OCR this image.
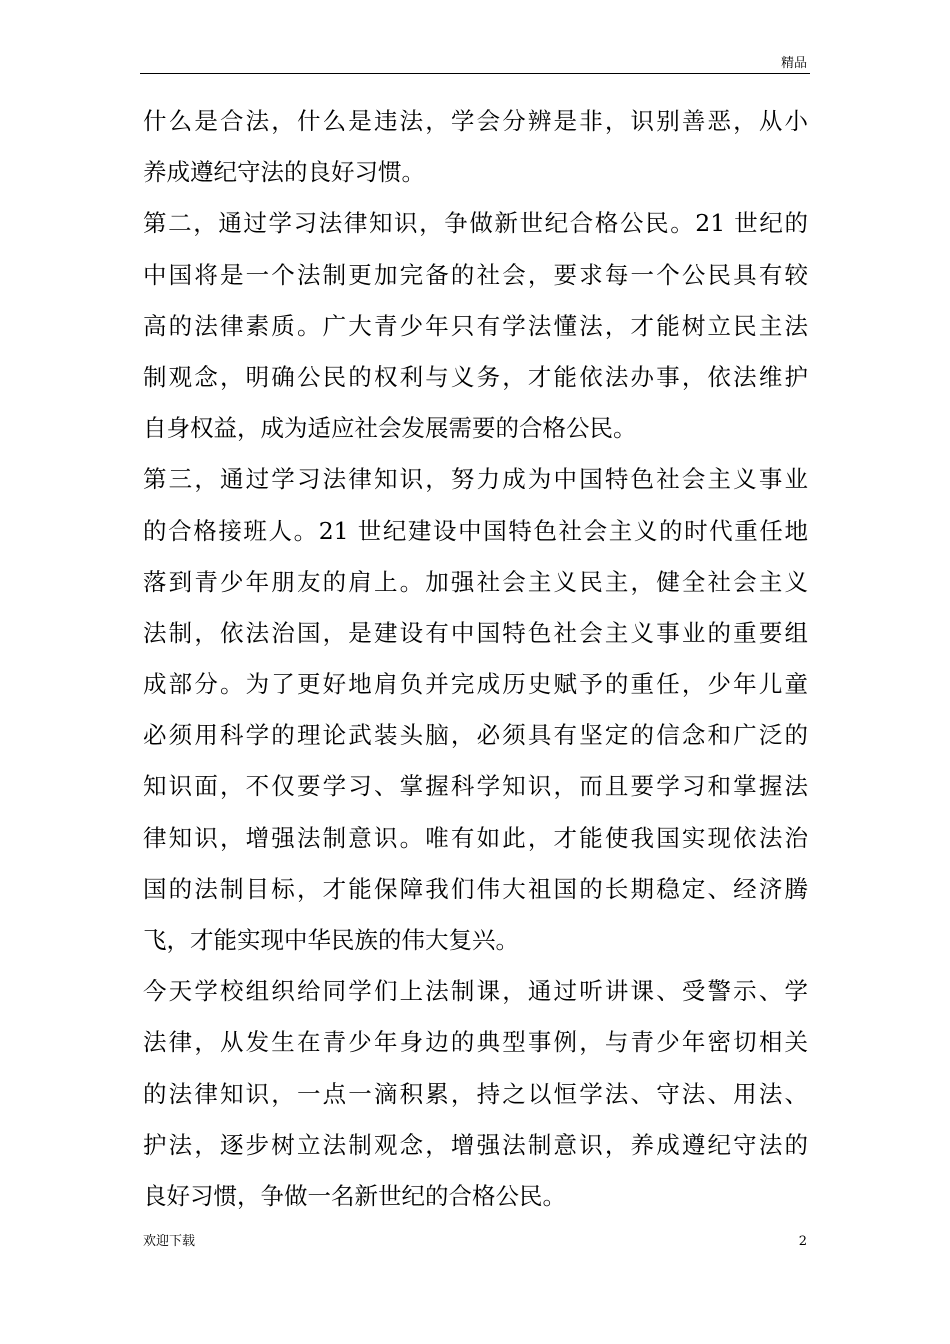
精品
什么是合法，什么是违法，学会分辨是非，识别善恶，从小
养成遵纪守法的良好习惯。
第二，通过学习法律知识，争做新世纪合格公民。21 世纪的
中国将是一个法制更加完备的社会，要求每一个公民具有较
高的法律素质。广大青少年只有学法懂法，才能树立民主法
制观念，明确公民的权利与义务，才能依法办事，依法维护
自身权益，成为适应社会发展需要的合格公民。
第三，通过学习法律知识，努力成为中国特色社会主义事业
的合格接班人。21 世纪建设中国特色社会主义的时代重任地
落到青少年朋友的肩上。加强社会主义民主，健全社会主义
法制，依法治国，是建设有中国特色社会主义事业的重要组
成部分。为了更好地肩负并完成历史赋予的重任，少年儿童
必须用科学的理论武装头脑，必须具有坚定的信念和广泛的
知识面，不仅要学习、掌握科学知识，而且要学习和掌握法
律知识，增强法制意识。唯有如此，才能使我国实现依法治
国的法制目标，才能保障我们伟大祖国的长期稳定、经济腾
飞，才能实现中华民族的伟大复兴。
今天学校组织给同学们上法制课，通过听讲课、受警示、学
法律，从发生在青少年身边的典型事例，与青少年密切相关
的法律知识，一点一滴积累，持之以恒学法、守法、用法、
护法，逐步树立法制观念，增强法制意识，养成遵纪守法的
良好习惯，争做一名新世纪的合格公民。
欢迎下载	2
